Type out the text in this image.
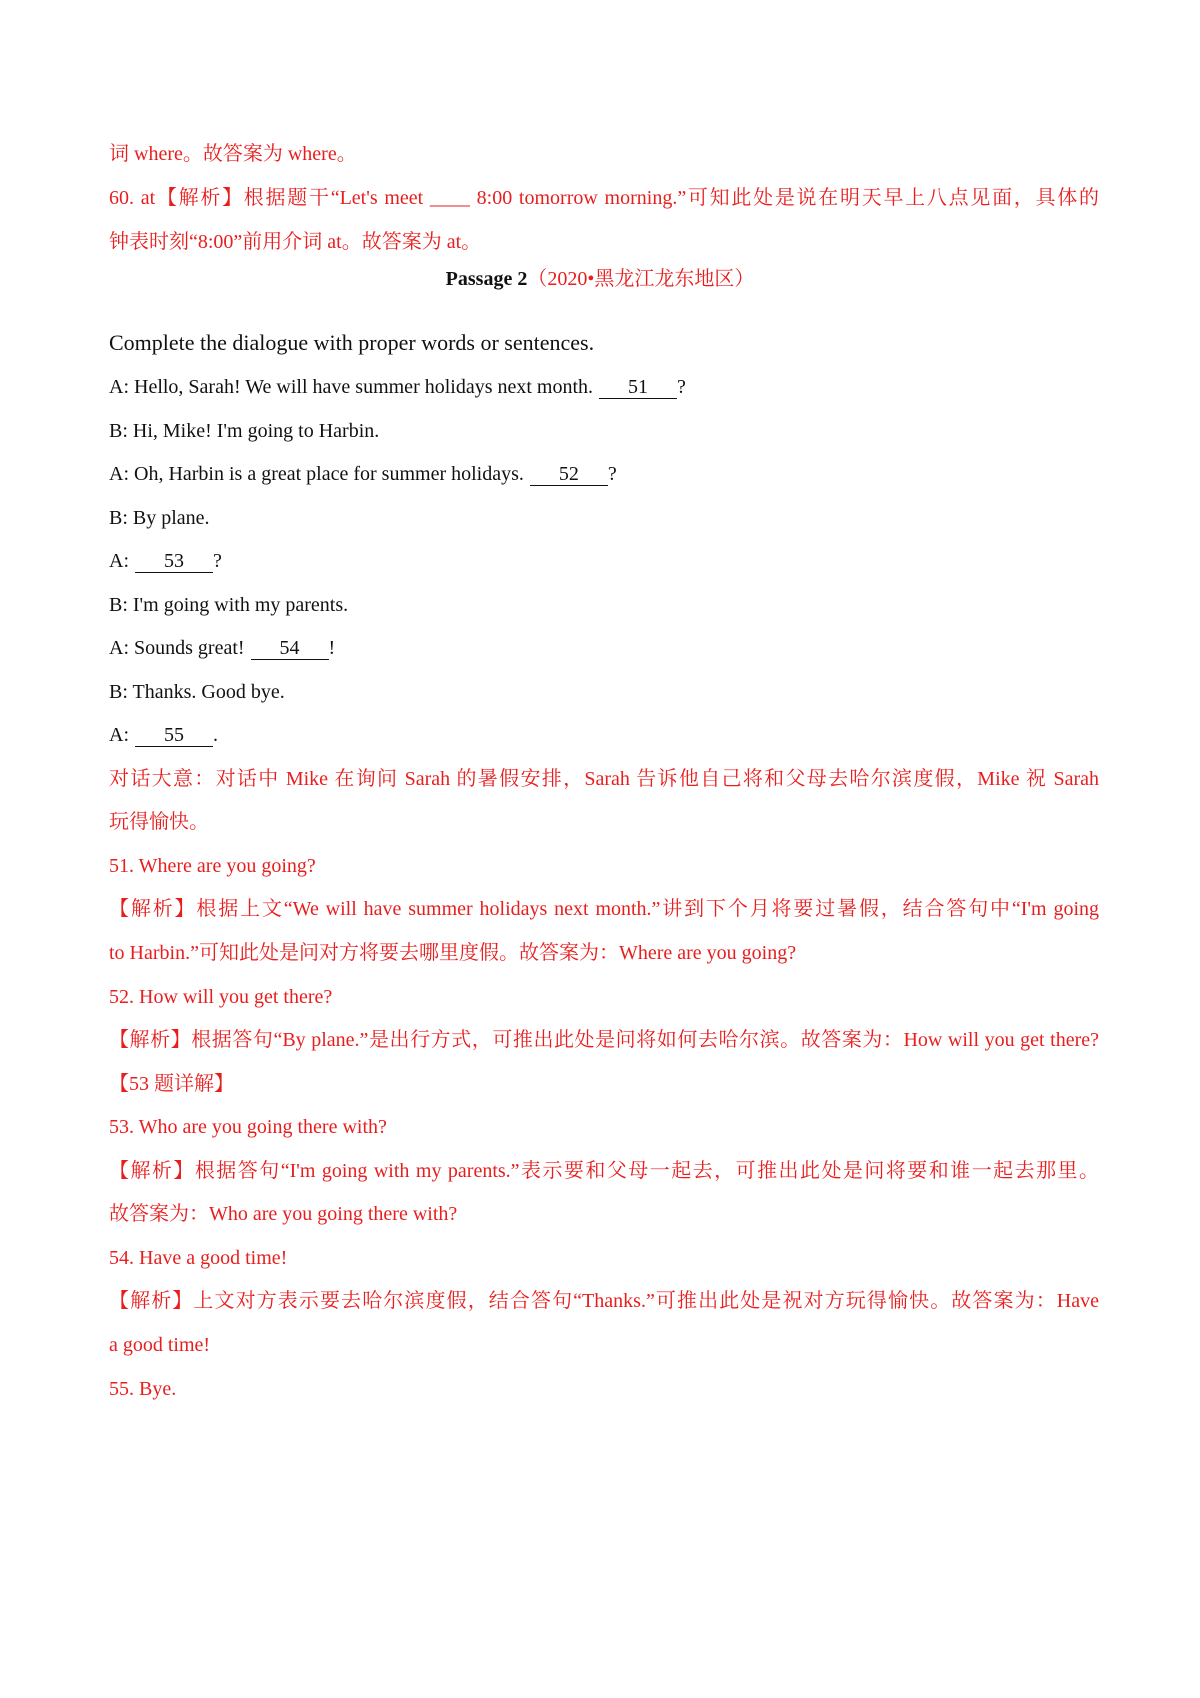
词 where。故答案为 where。
60. at【解析】根据题干“Let's meet ____ 8:00 tomorrow morning.”可知此处是说在明天早上八点见面，具体的
钟表时刻“8:00”前用介词 at。故答案为 at。
Passage 2（2020•黑龙江龙东地区）
Complete the dialogue with proper words or sentences.
A: Hello, Sarah! We will have summer holidays next month. 51 ?
B: Hi, Mike! I'm going to Harbin.
A: Oh, Harbin is a great place for summer holidays. 52 ?
B: By plane.
A: 53 ?
B: I'm going with my parents.
A: Sounds great! 54 !
B: Thanks. Good bye.
A: 55 .
对话大意：对话中 Mike 在询问 Sarah 的暑假安排，Sarah 告诉他自己将和父母去哈尔滨度假，Mike 祝 Sarah
玩得愉快。
51. Where are you going?
【解析】根据上文“We will have summer holidays next month.”讲到下个月将要过暑假，结合答句中“I'm going
to Harbin.”可知此处是问对方将要去哪里度假。故答案为：Where are you going?
52. How will you get there?
【解析】根据答句“By plane.”是出行方式，可推出此处是问将如何去哈尔滨。故答案为：How will you get there?
【53 题详解】
53. Who are you going there with?
【解析】根据答句“I'm going with my parents.”表示要和父母一起去，可推出此处是问将要和谁一起去那里。
故答案为：Who are you going there with?
54. Have a good time!
【解析】上文对方表示要去哈尔滨度假，结合答句“Thanks.”可推出此处是祝对方玩得愉快。故答案为：Have
a good time!
55. Bye.
